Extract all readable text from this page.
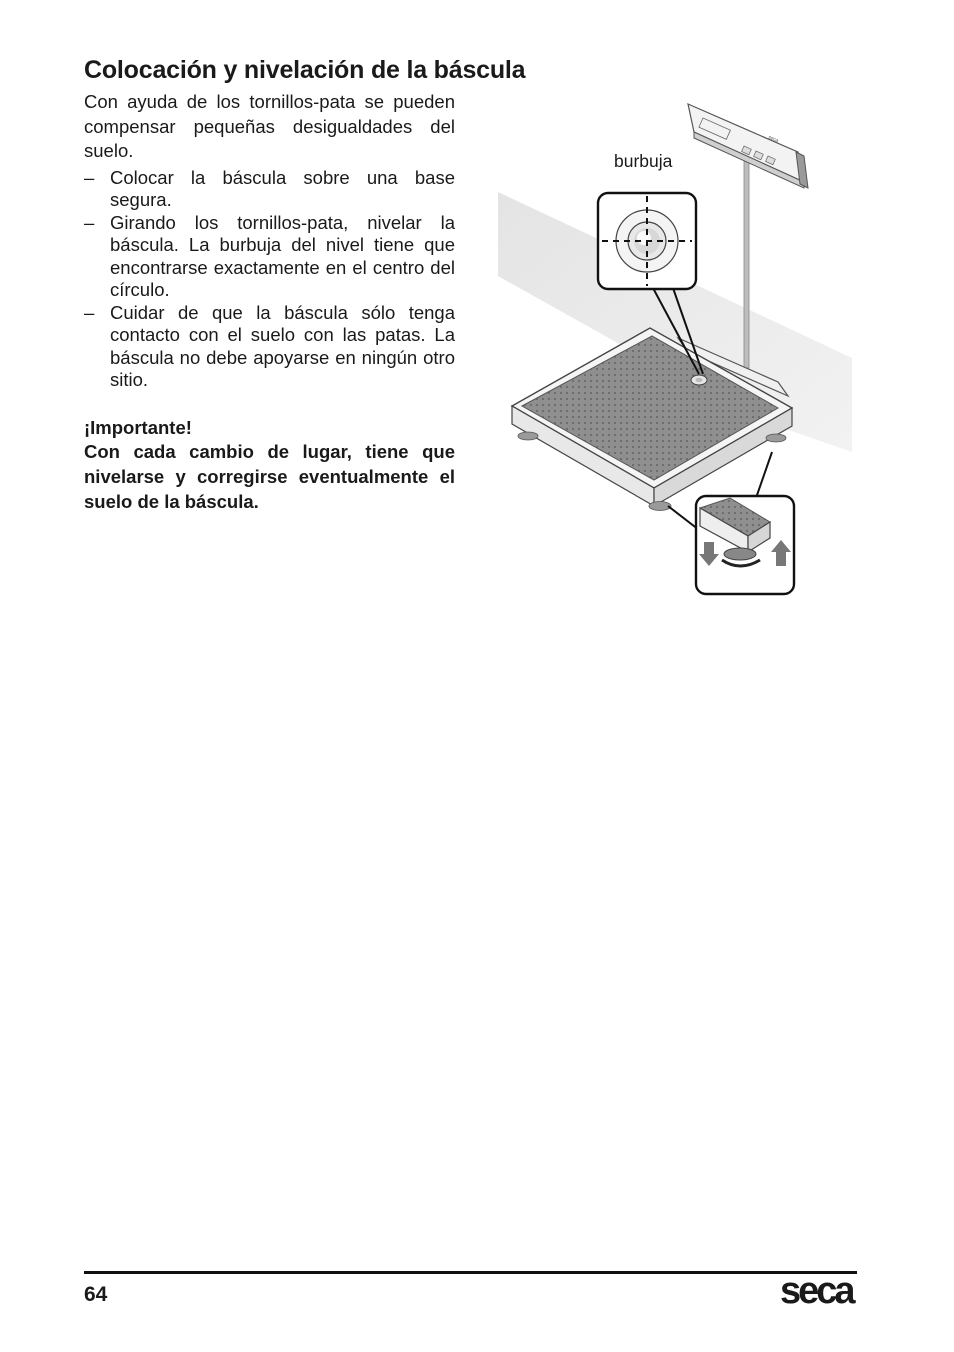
Colocación y nivelación de la báscula

Con ayuda de los tornillos-pata se pueden compensar pequeñas desigualdades del suelo.

– Colocar la báscula sobre una base segura.
– Girando los tornillos-pata, nivelar la báscula. La burbuja del nivel tiene que encontrarse exactamente en el centro del círculo.
– Cuidar de que la báscula sólo tenga contacto con el suelo con las patas. La báscula no debe apoyarse en ningún otro sitio.

¡Importante!

Con cada cambio de lugar, tiene que nivelarse y corregirse eventualmente el suelo de la báscula.

burbuja
seca
64	seca
